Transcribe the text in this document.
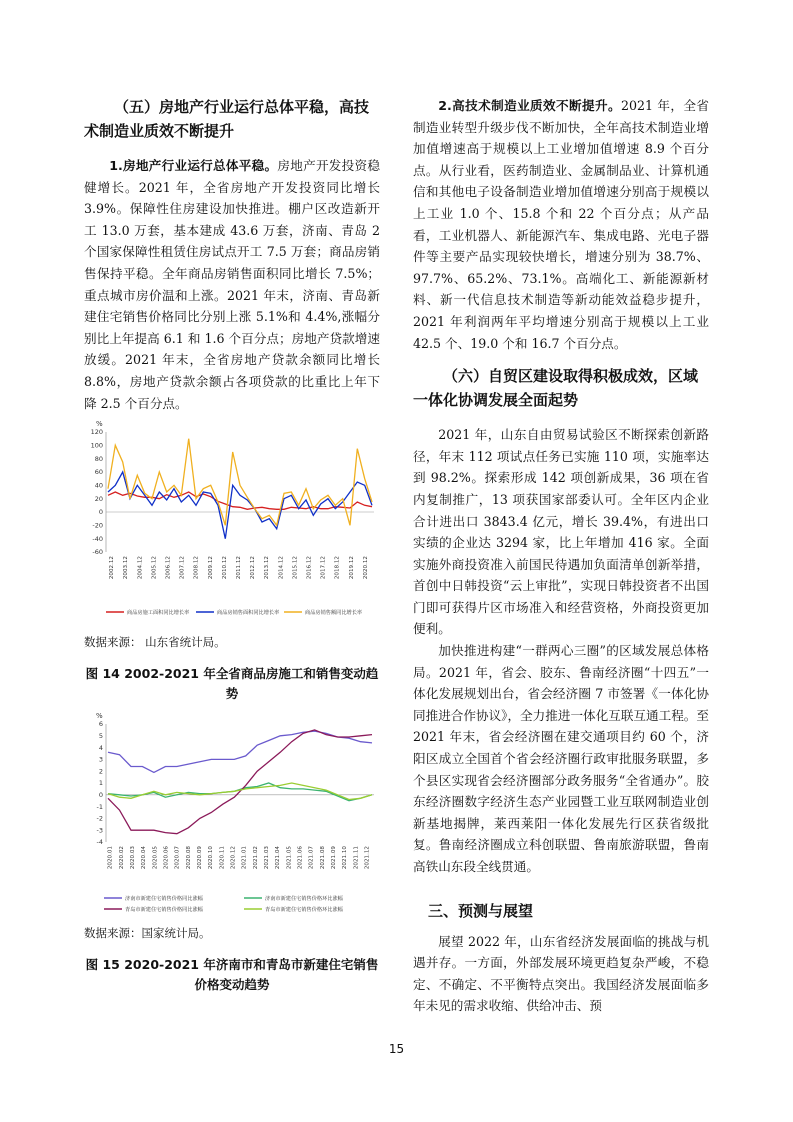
（五）房地产行业运行总体平稳，高技术制造业质效不断提升

1.房地产行业运行总体平稳。房地产开发投资稳健增长。2021 年，全省房地产开发投资同比增长 3.9%。保障性住房建设加快推进。棚户区改造新开工 13.0 万套，基本建成 43.6 万套，济南、青岛 2 个国家保障性租赁住房试点开工 7.5 万套；商品房销售保持平稳。全年商品房销售面积同比增长 7.5%；重点城市房价温和上涨。2021 年末，济南、青岛新建住宅销售价格同比分别上涨 5.1%和 4.4%,涨幅分别比上年提高 6.1 和 1.6 个百分点；房地产贷款增速放缓。2021 年末，全省房地产贷款余额同比增长 8.8%，房地产贷款余额占各项贷款的比重比上年下降 2.5 个百分点。

%
120
100
80
60
40
20
0
-20
-40
-60
2002.12 2003.12 2004.12 2005.12 2006.12 2007.12 2008.12 2009.12 2010.12 2011.12 2012.12 2013.12 2014.12 2015.12 2016.12 2017.12 2018.12 2019.12 2020.12
商品房施工面积同比增长率	商品房销售面积同比增长率	商品房销售额同比增长率
数据来源： 山东省统计局。
图 14 2002-2021 年全省商品房施工和销售变动趋势
%
6
5
4
3
2
1
0
-1
-2
-3
-4
2020.01 2020.02 2020.03 2020.04 2020.05 2020.06 2020.07 2020.08 2020.09 2020.10 2020.11 2020.12 2021.01 2021.02 2021.03 2021.04 2021.05 2021.06 2021.07 2021.08 2021.09 2021.10 2021.11 2021.12
济南市新建住宅销售价格同比涨幅	济南市新建住宅销售价格环比涨幅
青岛市新建住宅销售价格同比涨幅	青岛市新建住宅销售价格环比涨幅
数据来源：国家统计局。
图 15 2020-2021 年济南市和青岛市新建住宅销售价格变动趋势

2.高技术制造业质效不断提升。2021 年，全省制造业转型升级步伐不断加快，全年高技术制造业增加值增速高于规模以上工业增加值增速 8.9 个百分点。从行业看，医药制造业、金属制品业、计算机通信和其他电子设备制造业增加值增速分别高于规模以上工业 1.0 个、15.8 个和 22 个百分点；从产品看，工业机器人、新能源汽车、集成电路、光电子器件等主要产品实现较快增长，增速分别为 38.7%、97.7%、65.2%、73.1%。高端化工、新能源新材料、新一代信息技术制造等新动能效益稳步提升，2021 年利润两年平均增速分别高于规模以上工业 42.5 个、19.0 个和 16.7 个百分点。

（六）自贸区建设取得积极成效，区域一体化协调发展全面起势

2021 年，山东自由贸易试验区不断探索创新路径，年末 112 项试点任务已实施 110 项，实施率达到 98.2%。探索形成 142 项创新成果，36 项在省内复制推广，13 项获国家部委认可。全年区内企业合计进出口 3843.4 亿元，增长 39.4%，有进出口实绩的企业达 3294 家，比上年增加 416 家。全面实施外商投资准入前国民待遇加负面清单创新举措，首创中日韩投资“云上审批”，实现日韩投资者不出国门即可获得片区市场准入和经营资格，外商投资更加便利。

加快推进构建“一群两心三圈”的区域发展总体格局。2021 年，省会、胶东、鲁南经济圈“十四五”一体化发展规划出台，省会经济圈 7 市签署《一体化协同推进合作协议》，全力推进一体化互联互通工程。至 2021 年末，省会经济圈在建交通项目约 60 个，济阳区成立全国首个省会经济圈行政审批服务联盟，多个县区实现省会经济圈部分政务服务“全省通办”。胶东经济圈数字经济生态产业园暨工业互联网制造业创新基地揭牌，莱西莱阳一体化发展先行区获省级批复。鲁南经济圈成立科创联盟、鲁南旅游联盟，鲁南高铁山东段全线贯通。

三、预测与展望

展望 2022 年，山东省经济发展面临的挑战与机遇并存。一方面，外部发展环境更趋复杂严峻，不稳定、不确定、不平衡特点突出。我国经济发展面临多年未见的需求收缩、供给冲击、预

15
